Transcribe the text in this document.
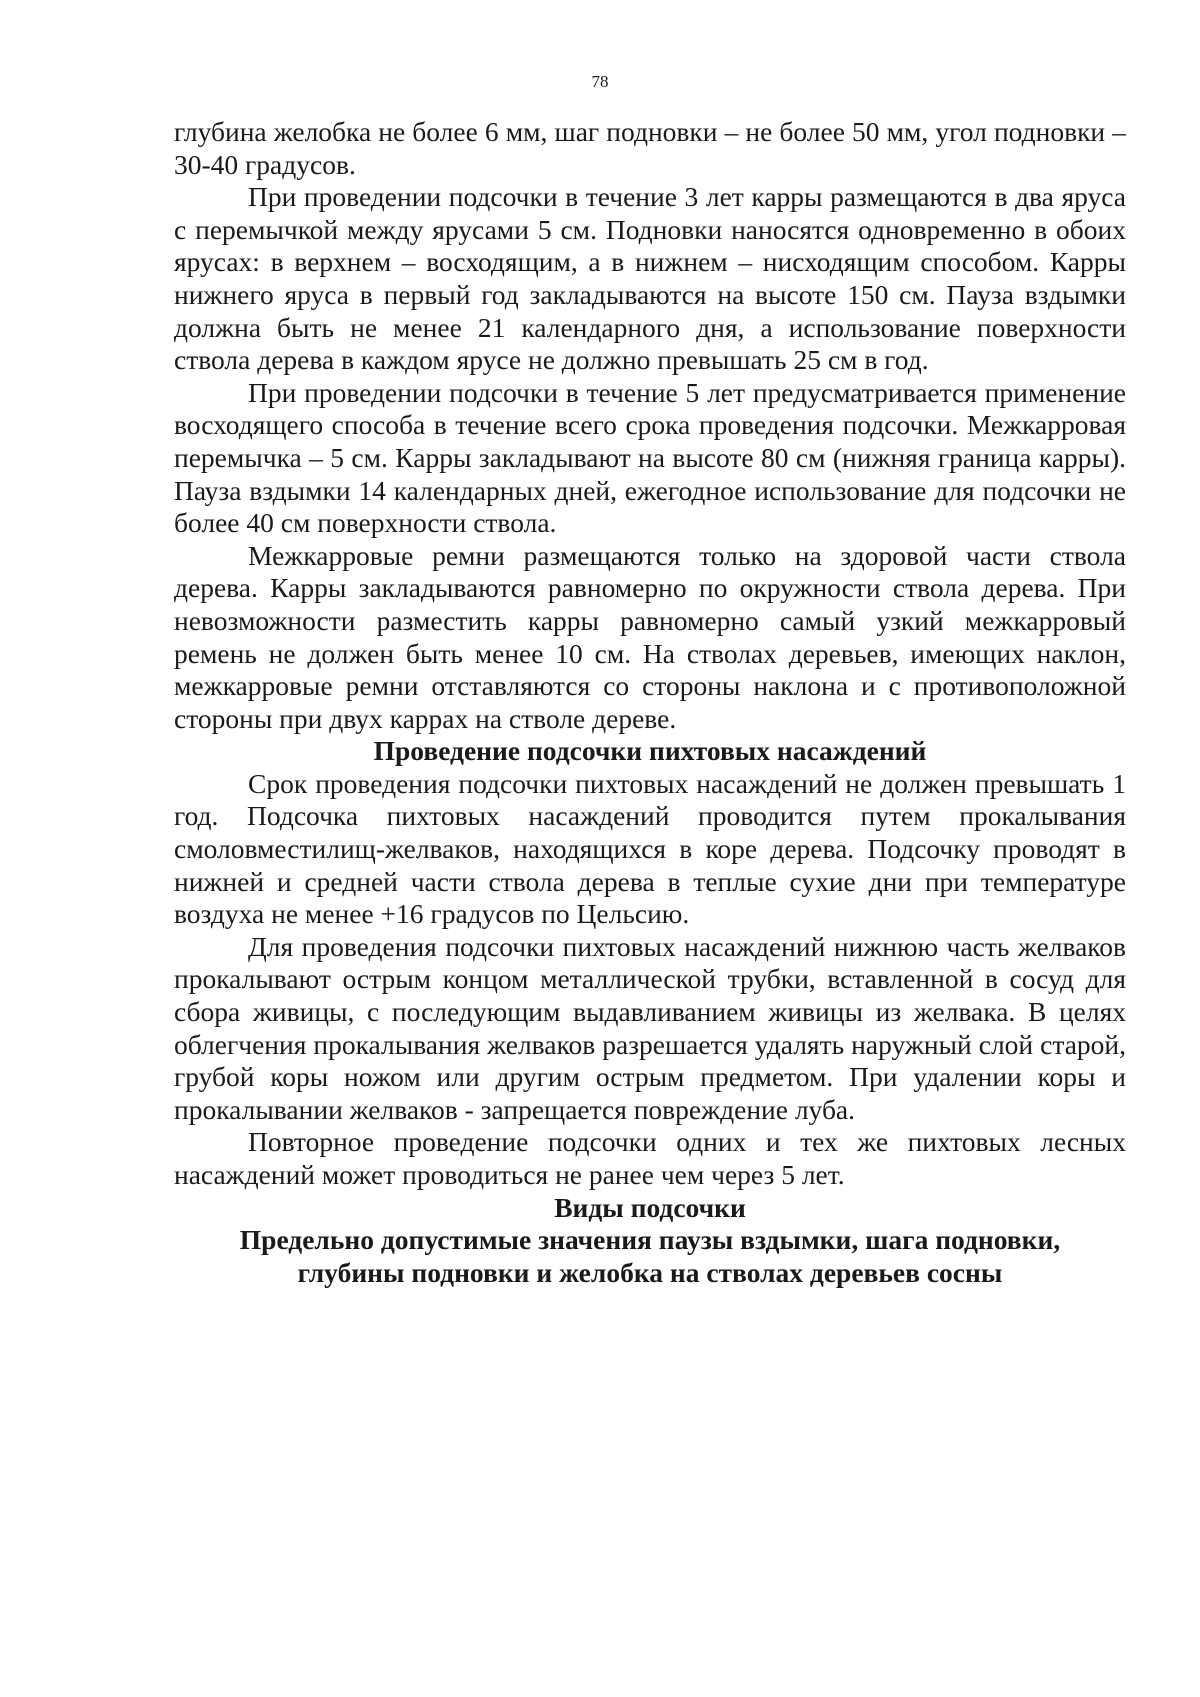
78

глубина желобка не более 6 мм, шаг подновки – не более 50 мм, угол подновки – 30-40 градусов.

При проведении подсочки в течение 3 лет карры размещаются в два яруса с перемычкой между ярусами 5 см. Подновки наносятся одновременно в обоих ярусах: в верхнем – восходящим, а в нижнем – нисходящим способом. Карры нижнего яруса в первый год закладываются на высоте 150 см. Пауза вздымки должна быть не менее 21 календарного дня, а использование поверхности ствола дерева в каждом ярусе не должно превышать 25 см в год.

При проведении подсочки в течение 5 лет предусматривается применение восходящего способа в течение всего срока проведения подсочки. Межкарровая перемычка – 5 см. Карры закладывают на высоте 80 см (нижняя граница карры). Пауза вздымки 14 календарных дней, ежегодное использование для подсочки не более 40 см поверхности ствола.

Межкарровые ремни размещаются только на здоровой части ствола дерева. Карры закладываются равномерно по окружности ствола дерева. При невозможности разместить карры равномерно самый узкий межкарровый ремень не должен быть менее 10 см. На стволах деревьев, имеющих наклон, межкарровые ремни отставляются со стороны наклона и с противоположной стороны при двух каррах на стволе дереве.

Проведение подсочки пихтовых насаждений

Срок проведения подсочки пихтовых насаждений не должен превышать 1 год. Подсочка пихтовых насаждений проводится путем прокалывания смоловместилищ-желваков, находящихся в коре дерева. Подсочку проводят в нижней и средней части ствола дерева в теплые сухие дни при температуре воздуха не менее +16 градусов по Цельсию.

Для проведения подсочки пихтовых насаждений нижнюю часть желваков прокалывают острым концом металлической трубки, вставленной в сосуд для сбора живицы, с последующим выдавливанием живицы из желвака. В целях облегчения прокалывания желваков разрешается удалять наружный слой старой, грубой коры ножом или другим острым предметом. При удалении коры и прокалывании желваков - запрещается повреждение луба.

Повторное проведение подсочки одних и тех же пихтовых лесных насаждений может проводиться не ранее чем через 5 лет.

Виды подсочки

Предельно допустимые значения паузы вздымки, шага подновки,

глубины подновки и желобка на стволах деревьев сосны
